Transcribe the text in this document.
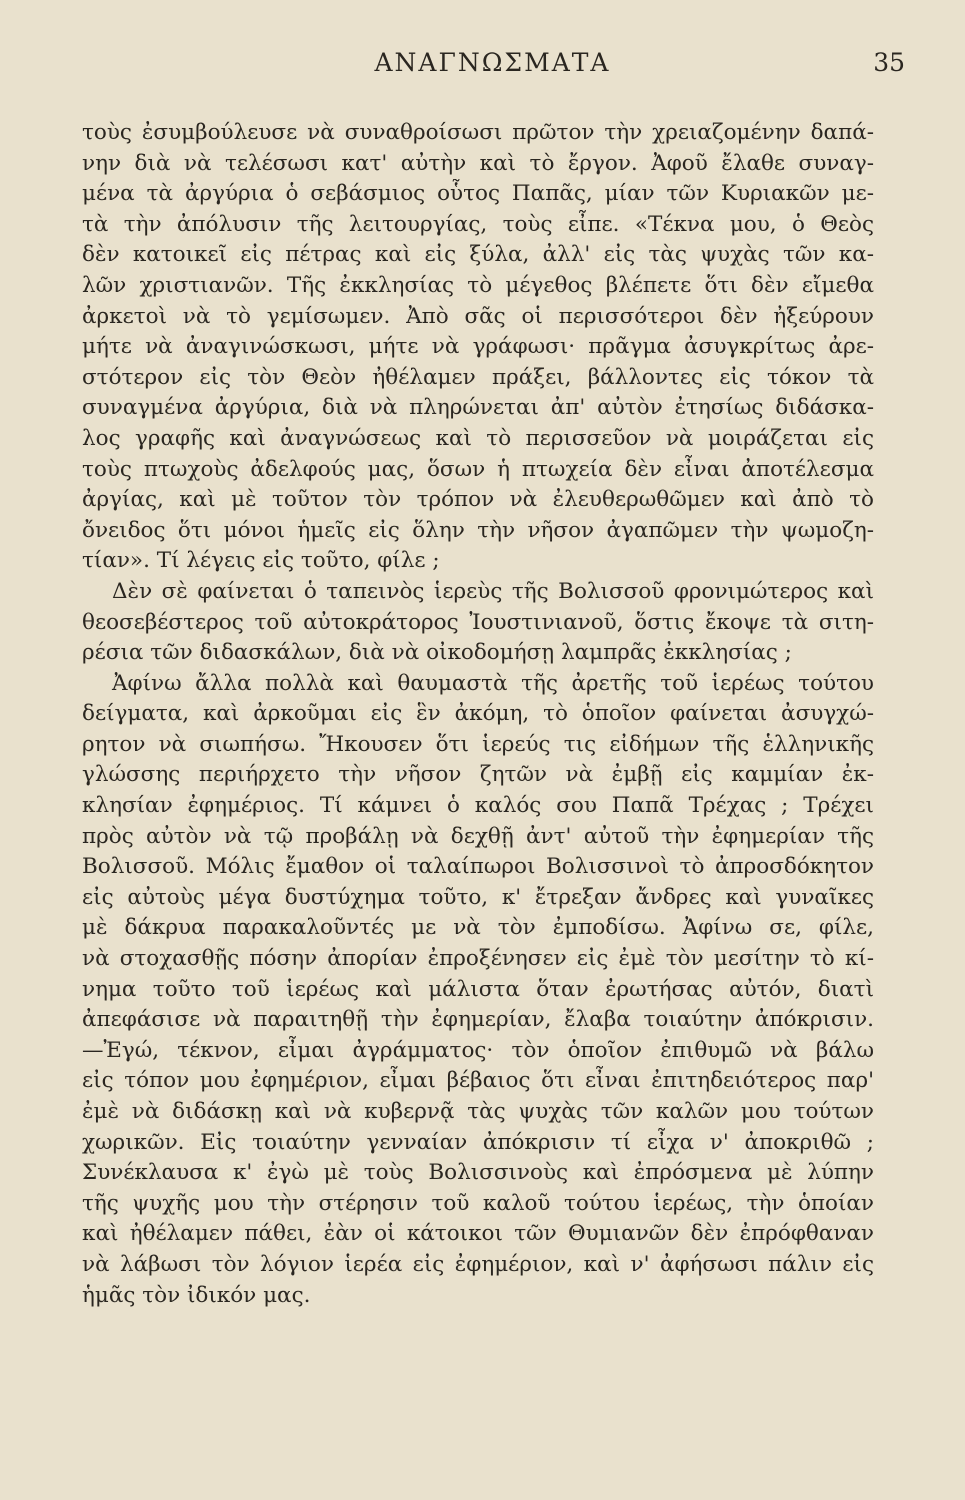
ΑΝΑΓΝΩΣΜΑΤΑ	35
τοὺς ἐσυμβούλευσε νὰ συναθροίσωσι πρῶτον τὴν χρειαζομένην δαπά-
νην διὰ νὰ τελέσωσι κατ' αὐτὴν καὶ τὸ ἔργον. Ἀφοῦ ἔλαθε συναγ-
μένα τὰ ἀργύρια ὁ σεβάσμιος οὗτος Παπᾶς, μίαν τῶν Κυριακῶν με-
τὰ τὴν ἀπόλυσιν τῆς λειτουργίας, τοὺς εἶπε. «Τέκνα μου, ὁ Θεὸς
δὲν κατοικεῖ εἰς πέτρας καὶ εἰς ξύλα, ἀλλ' εἰς τὰς ψυχὰς τῶν κα-
λῶν χριστιανῶν. Τῆς ἐκκλησίας τὸ μέγεθος βλέπετε ὅτι δὲν εἴμεθα
ἀρκετοὶ νὰ τὸ γεμίσωμεν. Ἀπὸ σᾶς οἱ περισσότεροι δὲν ἠξεύρουν
μήτε νὰ ἀναγινώσκωσι, μήτε νὰ γράφωσι· πρᾶγμα ἀσυγκρίτως ἀρε-
στότερον εἰς τὸν Θεὸν ἠθέλαμεν πράξει, βάλλοντες εἰς τόκον τὰ
συναγμένα ἀργύρια, διὰ νὰ πληρώνεται ἀπ' αὐτὸν ἐτησίως διδάσκα-
λος γραφῆς καὶ ἀναγνώσεως καὶ τὸ περισσεῦον νὰ μοιράζεται εἰς
τοὺς πτωχοὺς ἀδελφούς μας, ὅσων ἡ πτωχεία δὲν εἶναι ἀποτέλεσμα
ἀργίας, καὶ μὲ τοῦτον τὸν τρόπον νὰ ἐλευθερωθῶμεν καὶ ἀπὸ τὸ
ὄνειδος ὅτι μόνοι ἡμεῖς εἰς ὅλην τὴν νῆσον ἀγαπῶμεν τὴν ψωμοζη-
τίαν». Τί λέγεις εἰς τοῦτο, φίλε ;
Δὲν σὲ φαίνεται ὁ ταπεινὸς ἱερεὺς τῆς Βολισσοῦ φρονιμώτερος καὶ
θεοσεβέστερος τοῦ αὐτοκράτορος Ἰουστινιανοῦ, ὅστις ἔκοψε τὰ σιτη-
ρέσια τῶν διδασκάλων, διὰ νὰ οἰκοδομήσῃ λαμπρᾶς ἐκκλησίας ;
Ἀφίνω ἄλλα πολλὰ καὶ θαυμαστὰ τῆς ἀρετῆς τοῦ ἱερέως τούτου
δείγματα, καὶ ἀρκοῦμαι εἰς ἓν ἀκόμη, τὸ ὁποῖον φαίνεται ἀσυγχώ-
ρητον νὰ σιωπήσω. Ἤκουσεν ὅτι ἱερεύς τις εἰδήμων τῆς ἑλληνικῆς
γλώσσης περιήρχετο τὴν νῆσον ζητῶν νὰ ἐμβῇ εἰς καμμίαν ἐκ-
κλησίαν ἐφημέριος. Τί κάμνει ὁ καλός σου Παπᾶ Τρέχας ; Τρέχει
πρὸς αὐτὸν νὰ τῷ προβάλῃ νὰ δεχθῇ ἀντ' αὐτοῦ τὴν ἐφημερίαν τῆς
Βολισσοῦ. Μόλις ἔμαθον οἱ ταλαίπωροι Βολισσινοὶ τὸ ἀπροσδόκητον
εἰς αὐτοὺς μέγα δυστύχημα τοῦτο, κ' ἔτρεξαν ἄνδρες καὶ γυναῖκες
μὲ δάκρυα παρακαλοῦντές με νὰ τὸν ἐμποδίσω. Ἀφίνω σε, φίλε,
νὰ στοχασθῇς πόσην ἀπορίαν ἐπροξένησεν εἰς ἐμὲ τὸν μεσίτην τὸ κί-
νημα τοῦτο τοῦ ἱερέως καὶ μάλιστα ὅταν ἐρωτήσας αὐτόν, διατὶ
ἀπεφάσισε νὰ παραιτηθῇ τὴν ἐφημερίαν, ἔλαβα τοιαύτην ἀπόκρισιν.
—Ἐγώ, τέκνον, εἶμαι ἀγράμματος· τὸν ὁποῖον ἐπιθυμῶ νὰ βάλω
εἰς τόπον μου ἐφημέριον, εἶμαι βέβαιος ὅτι εἶναι ἐπιτηδειότερος παρ'
ἐμὲ νὰ διδάσκῃ καὶ νὰ κυβερνᾷ τὰς ψυχὰς τῶν καλῶν μου τούτων
χωρικῶν. Εἰς τοιαύτην γενναίαν ἀπόκρισιν τί εἶχα ν' ἀποκριθῶ ;
Συνέκλαυσα κ' ἐγὼ μὲ τοὺς Βολισσινοὺς καὶ ἐπρόσμενα μὲ λύπην
τῆς ψυχῆς μου τὴν στέρησιν τοῦ καλοῦ τούτου ἱερέως, τὴν ὁποίαν
καὶ ἠθέλαμεν πάθει, ἐὰν οἱ κάτοικοι τῶν Θυμιανῶν δὲν ἐπρόφθαναν
νὰ λάβωσι τὸν λόγιον ἱερέα εἰς ἐφημέριον, καὶ ν' ἀφήσωσι πάλιν εἰς
ἡμᾶς τὸν ἰδικόν μας.
